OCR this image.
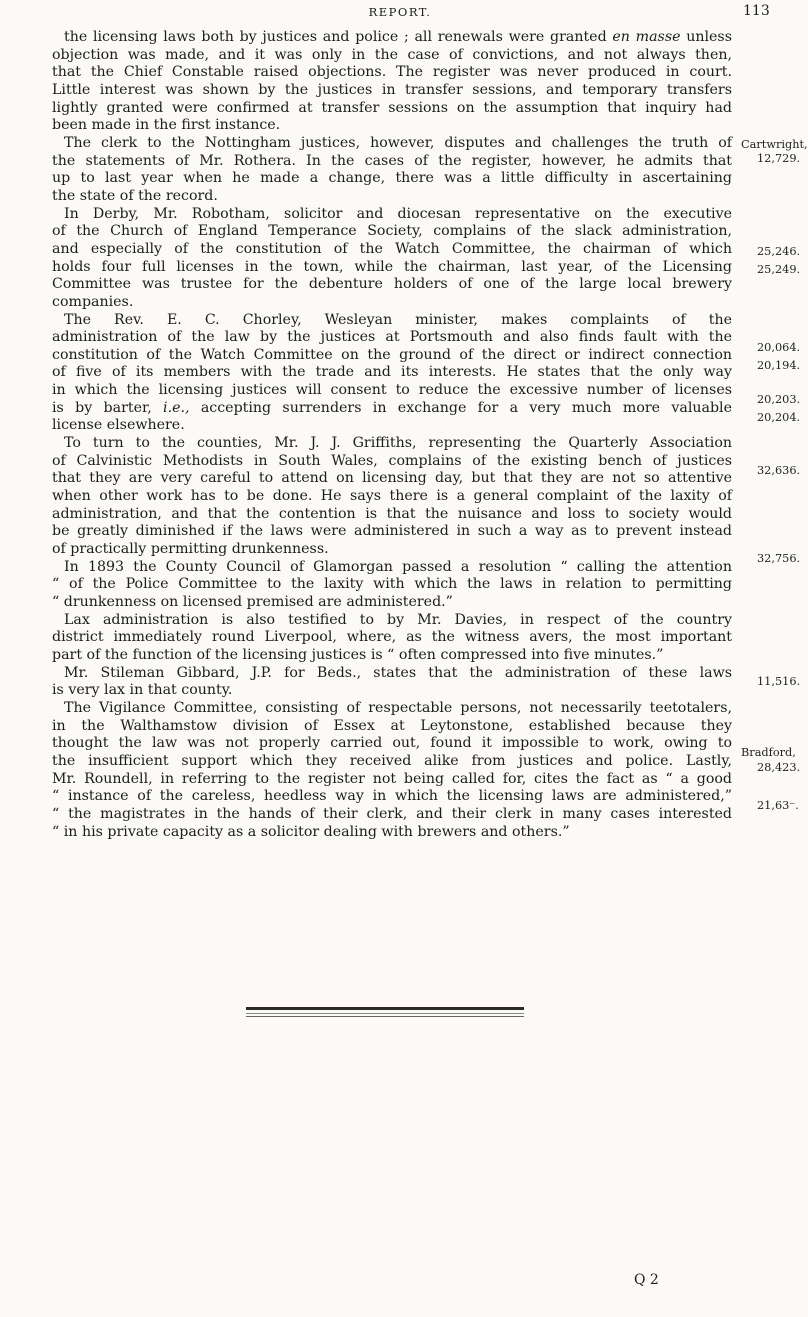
REPORT.	113
the licensing laws both by justices and police ; all renewals were granted en masse unless
objection was made, and it was only in the case of convictions, and not always then,
that the Chief Constable raised objections. The register was never produced in court.
Little interest was shown by the justices in transfer sessions, and temporary transfers
lightly granted were confirmed at transfer sessions on the assumption that inquiry had
been made in the first instance.
The clerk to the Nottingham justices, however, disputes and challenges the truth of
the statements of Mr. Rothera. In the cases of the register, however, he admits that
up to last year when he made a change, there was a little difficulty in ascertaining
the state of the record.
In Derby, Mr. Robotham, solicitor and diocesan representative on the executive
of the Church of England Temperance Society, complains of the slack administration,
and especially of the constitution of the Watch Committee, the chairman of which
holds four full licenses in the town, while the chairman, last year, of the Licensing
Committee was trustee for the debenture holders of one of the large local brewery
companies.
The Rev. E. C. Chorley, Wesleyan minister, makes complaints of the
administration of the law by the justices at Portsmouth and also finds fault with the
constitution of the Watch Committee on the ground of the direct or indirect connection
of five of its members with the trade and its interests. He states that the only way
in which the licensing justices will consent to reduce the excessive number of licenses
is by barter, i.e., accepting surrenders in exchange for a very much more valuable
license elsewhere.
To turn to the counties, Mr. J. J. Griffiths, representing the Quarterly Association
of Calvinistic Methodists in South Wales, complains of the existing bench of justices
that they are very careful to attend on licensing day, but that they are not so attentive
when other work has to be done. He says there is a general complaint of the laxity of
administration, and that the contention is that the nuisance and loss to society would
be greatly diminished if the laws were administered in such a way as to prevent instead
of practically permitting drunkenness.
In 1893 the County Council of Glamorgan passed a resolution “ calling the attention
“ of the Police Committee to the laxity with which the laws in relation to permitting
“ drunkenness on licensed premised are administered.”
Lax administration is also testified to by Mr. Davies, in respect of the country
district immediately round Liverpool, where, as the witness avers, the most important
part of the function of the licensing justices is “ often compressed into five minutes.”
Mr. Stileman Gibbard, J.P. for Beds., states that the administration of these laws
is very lax in that county.
The Vigilance Committee, consisting of respectable persons, not necessarily teetotalers,
in the Walthamstow division of Essex at Leytonstone, established because they
thought the law was not properly carried out, found it impossible to work, owing to
the insufficient support which they received alike from justices and police. Lastly,
Mr. Roundell, in referring to the register not being called for, cites the fact as “ a good
“ instance of the careless, heedless way in which the licensing laws are administered,”
“ the magistrates in the hands of their clerk, and their clerk in many cases interested
“ in his private capacity as a solicitor dealing with brewers and others.”
Cartwright,
12,729.
25,246.
25,249.
20,064.
20,194.
20,203.
20,204.
32,636.
32,756.
11,516.
Bradford,
28,423.
21,63⁻.
Q 2
